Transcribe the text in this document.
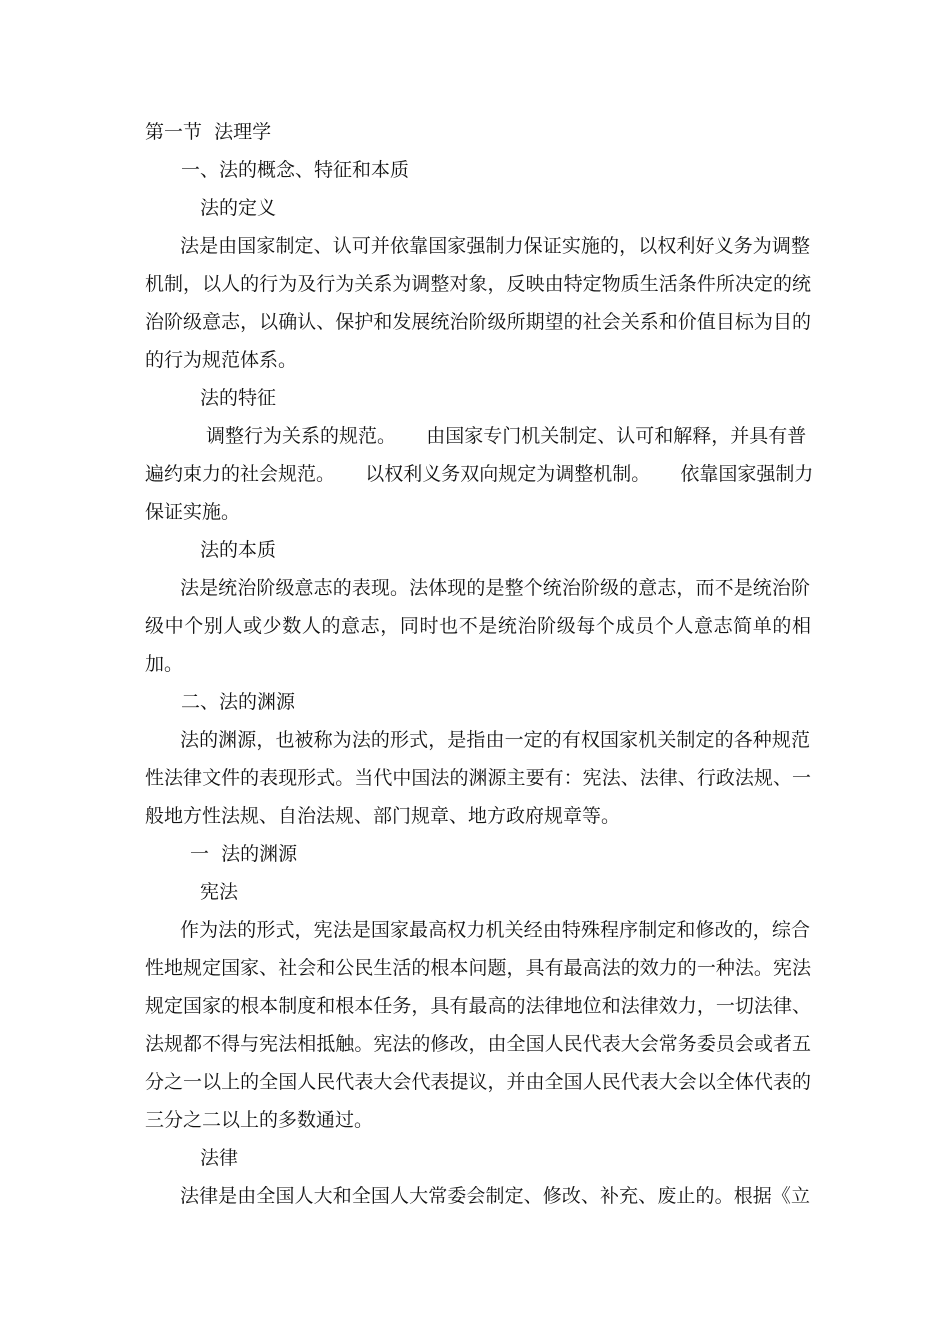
第一节  法理学
一、法的概念、特征和本质
法的定义
法是由国家制定、认可并依靠国家强制力保证实施的，以权利好义务为调整
机制，以人的行为及行为关系为调整对象，反映由特定物质生活条件所决定的统
治阶级意志，以确认、保护和发展统治阶级所期望的社会关系和价值目标为目的
的行为规范体系。
法的特征
调整行为关系的规范。     由国家专门机关制定、认可和解释，并具有普
遍约束力的社会规范。     以权利义务双向规定为调整机制。     依靠国家强制力
保证实施。
法的本质
法是统治阶级意志的表现。法体现的是整个统治阶级的意志，而不是统治阶
级中个别人或少数人的意志，同时也不是统治阶级每个成员个人意志简单的相
加。
二、法的渊源
法的渊源，也被称为法的形式，是指由一定的有权国家机关制定的各种规范
性法律文件的表现形式。当代中国法的渊源主要有：宪法、法律、行政法规、一
般地方性法规、自治法规、部门规章、地方政府规章等。
一  法的渊源
宪法
作为法的形式，宪法是国家最高权力机关经由特殊程序制定和修改的，综合
性地规定国家、社会和公民生活的根本问题，具有最高法的效力的一种法。宪法
规定国家的根本制度和根本任务，具有最高的法律地位和法律效力，一切法律、
法规都不得与宪法相抵触。宪法的修改，由全国人民代表大会常务委员会或者五
分之一以上的全国人民代表大会代表提议，并由全国人民代表大会以全体代表的
三分之二以上的多数通过。
法律
法律是由全国人大和全国人大常委会制定、修改、补充、废止的。根据《立
